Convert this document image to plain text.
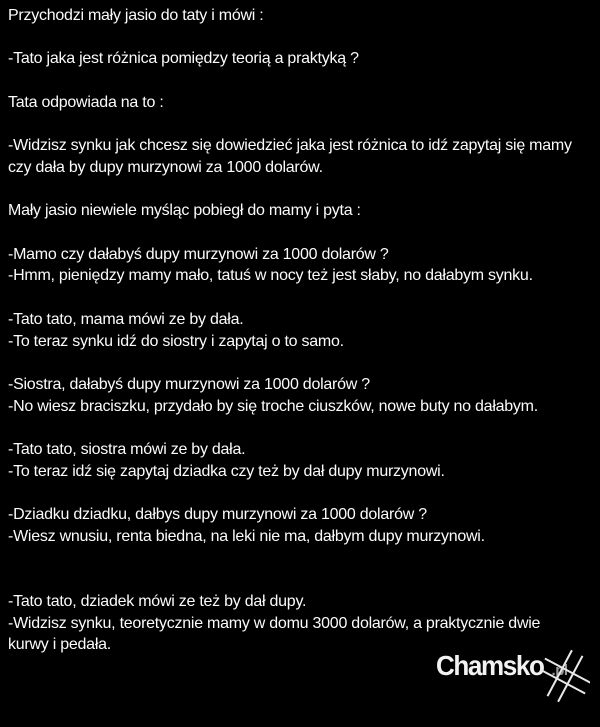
Przychodzi mały jasio do taty i mówi :

-Tato jaka jest różnica pomiędzy teorią a praktyką ?

Tata odpowiada na to :

-Widzisz synku jak chcesz się dowiedzieć jaka jest różnica to idź zapytaj się mamy
czy dała by dupy murzynowi za 1000 dolarów.

Mały jasio niewiele myśląc pobiegł do mamy i pyta :

-Mamo czy dałabyś dupy murzynowi za 1000 dolarów ?
-Hmm, pieniędzy mamy mało, tatuś w nocy też jest słaby, no dałabym synku.

-Tato tato, mama mówi ze by dała.
-To teraz synku idź do siostry i zapytaj o to samo.

-Siostra, dałabyś dupy murzynowi za 1000 dolarów ?
-No wiesz braciszku, przydało by się troche ciuszków, nowe buty no dałabym.

-Tato tato, siostra mówi ze by dała.
-To teraz idź się zapytaj dziadka czy też by dał dupy murzynowi.

-Dziadku dziadku, dałbys dupy murzynowi za 1000 dolarów ?
-Wiesz wnusiu, renta biedna, na leki nie ma, dałbym dupy murzynowi.

-Tato tato, dziadek mówi ze też by dał dupy.
-Widzisz synku, teoretycznie mamy w domu 3000 dolarów, a praktycznie dwie
kurwy i pedała.
Chamsko .pl
